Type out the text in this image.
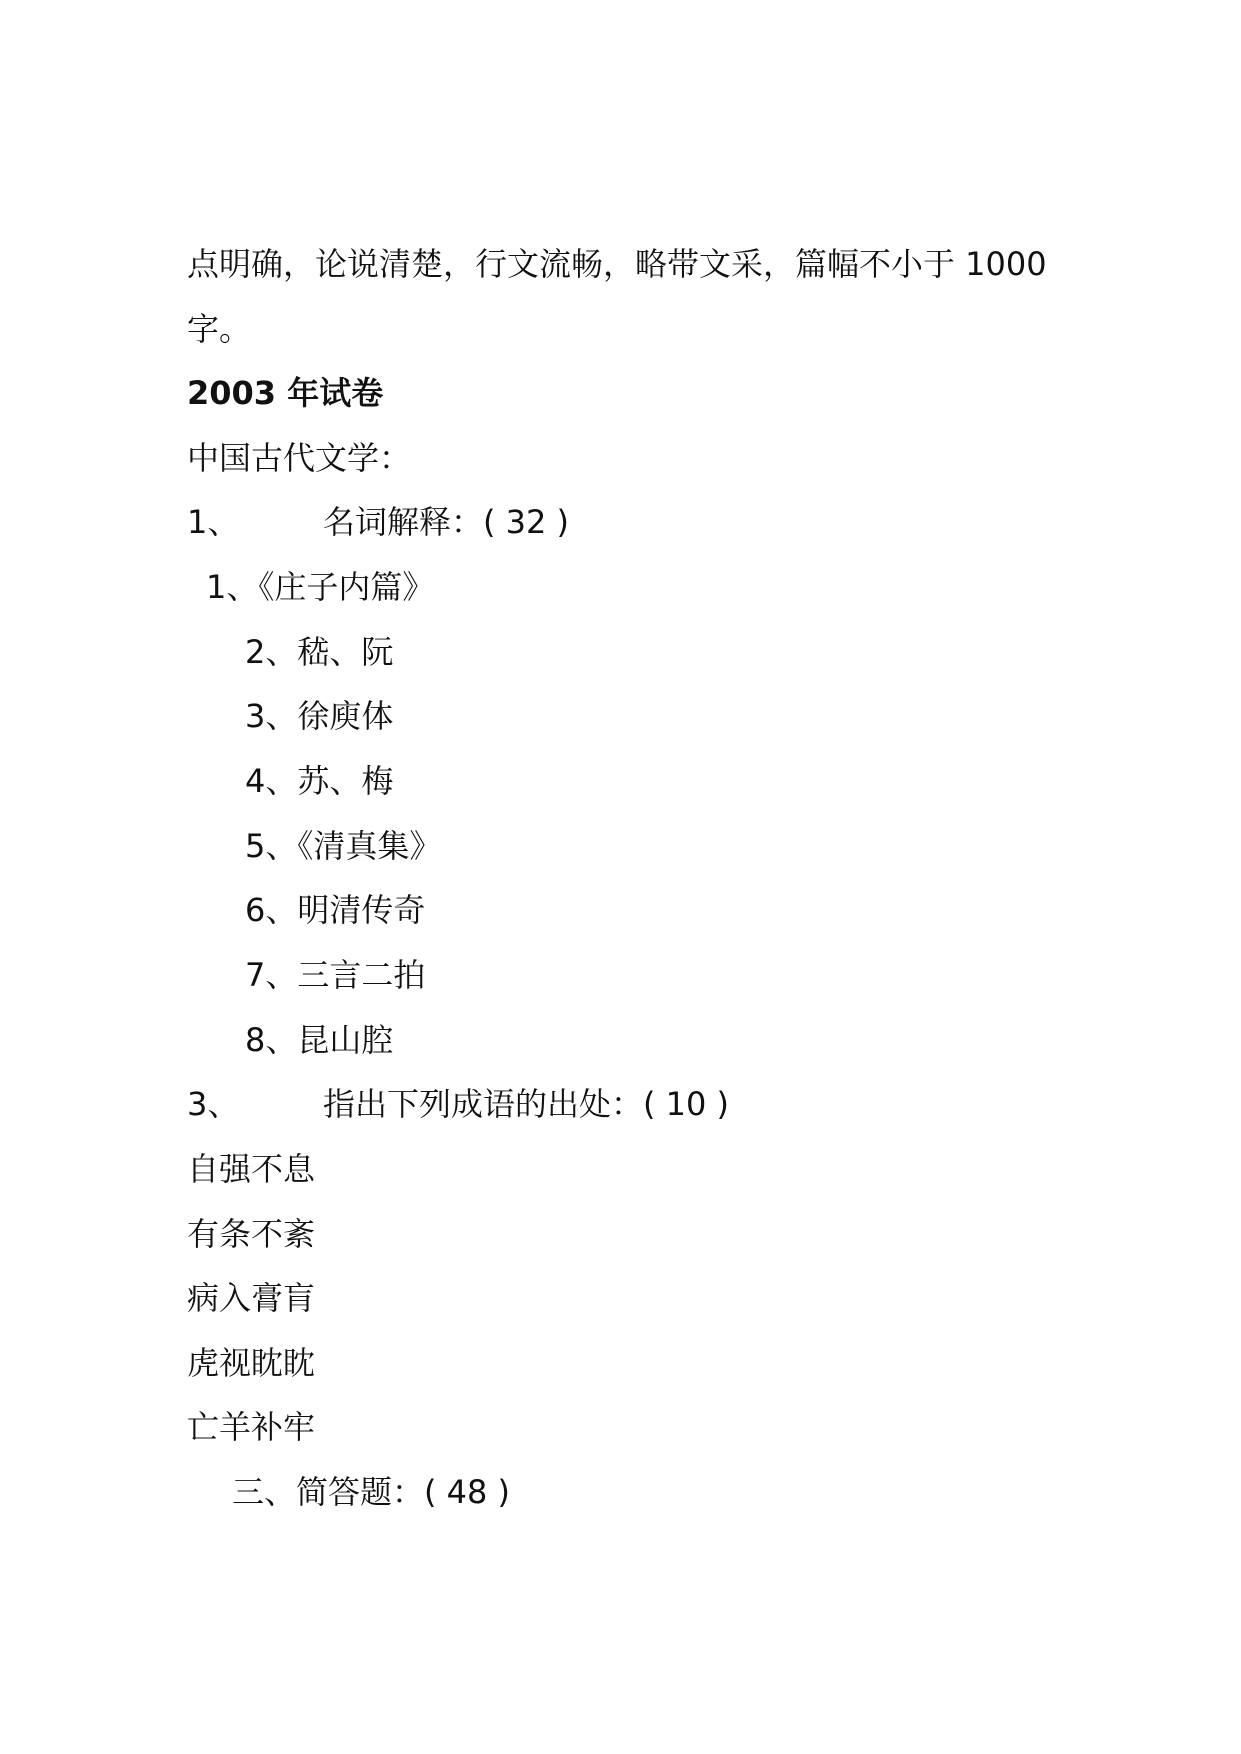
点明确，论说清楚，行文流畅，略带文采，篇幅不小于 1000
字。
2003 年试卷
中国古代文学：
1、	名词解释：( 32 )
1、《庄子内篇》
2、嵇、阮
3、徐庾体
4、苏、梅
5、《清真集》
6、明清传奇
7、三言二拍
8、昆山腔
3、	指出下列成语的出处：( 10 )
自强不息
有条不紊
病入膏肓
虎视眈眈
亡羊补牢
三、简答题：( 48 )
